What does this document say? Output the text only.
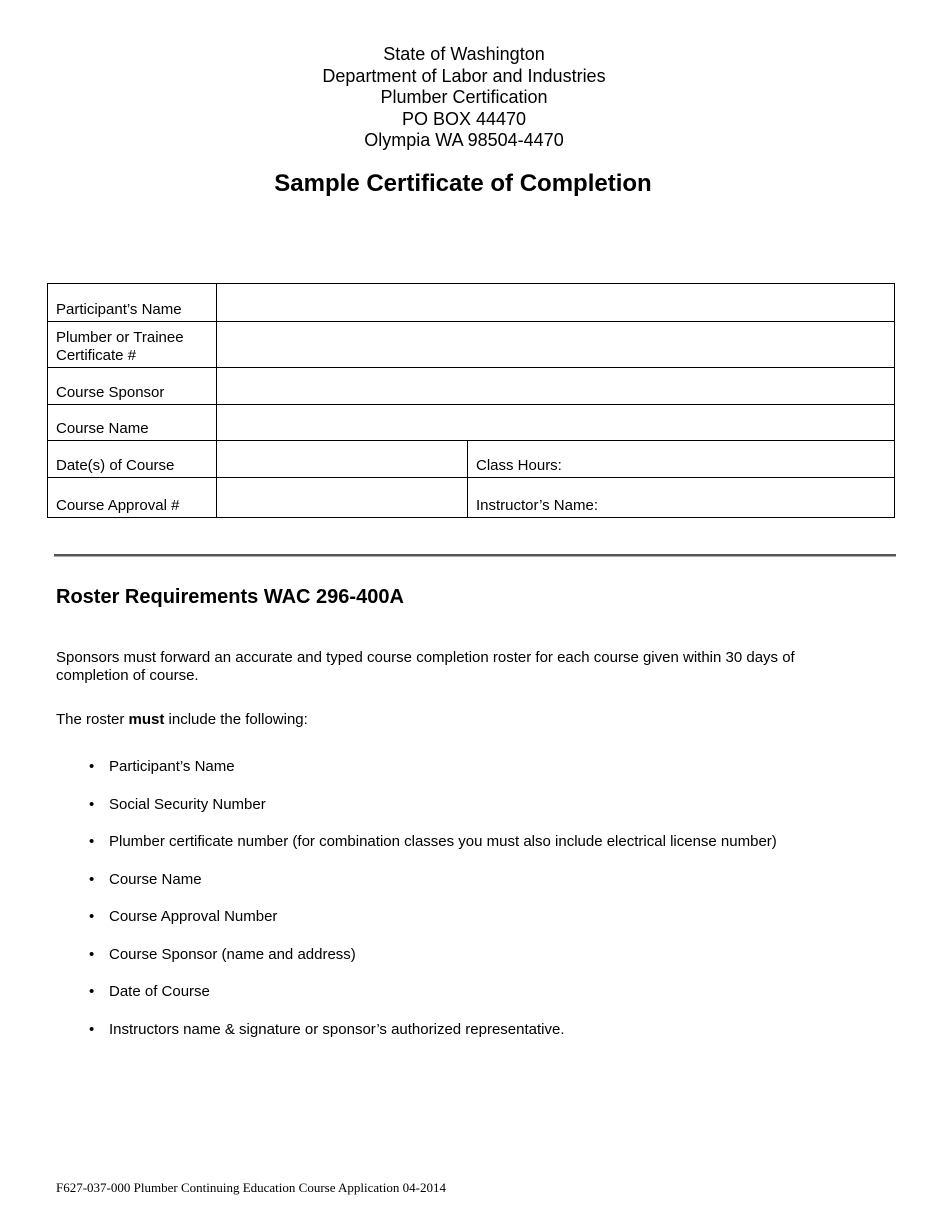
State of Washington
Department of Labor and Industries
Plumber Certification
PO BOX 44470
Olympia WA 98504-4470
Sample Certificate of Completion
Participant’s Name		
Plumber or Trainee
Certificate #		
Course Sponsor		
Course Name		
Date(s) of Course		Class Hours:
Course Approval #		Instructor’s Name:
Roster Requirements WAC 296-400A
Sponsors must forward an accurate and typed course completion roster for each course given within 30 days of completion of course.
The roster must include the following:
• Participant’s Name
• Social Security Number
• Plumber certificate number (for combination classes you must also include electrical license number)
• Course Name
• Course Approval Number
• Course Sponsor (name and address)
• Date of Course
• Instructors name & signature or sponsor’s authorized representative.
F627-037-000 Plumber Continuing Education Course Application 04-2014
